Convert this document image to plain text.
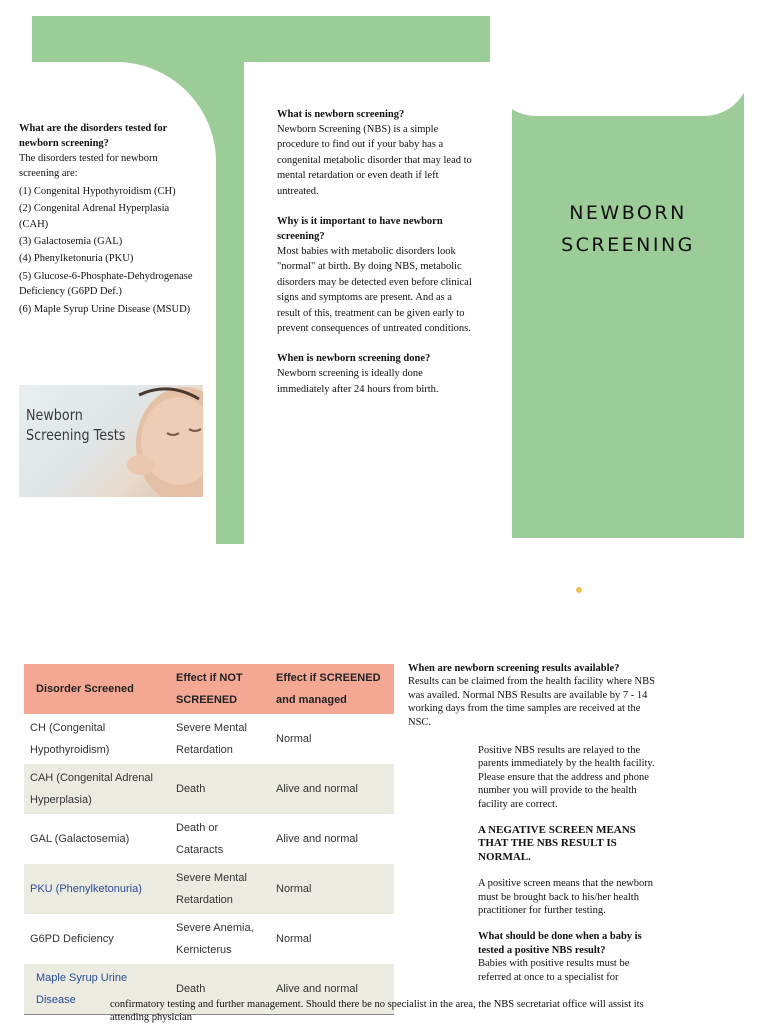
NEWBORN
SCREENING
What are the disorders tested for newborn screening?
The disorders tested for newborn screening are:
(1) Congenital Hypothyroidism (CH)
(2) Congenital Adrenal Hyperplasia (CAH)
(3) Galactosemia (GAL)
(4) Phenylketonuria (PKU)
(5) Glucose-6-Phosphate-Dehydrogenase Deficiency (G6PD Def.)
(6) Maple Syrup Urine Disease (MSUD)
Newborn
Screening Tests
What is newborn screening?
Newborn Screening (NBS) is a simple procedure to find out if your baby has a congenital metabolic disorder that may lead to mental retardation or even death if left untreated.
Why is it important to have newborn screening?
Most babies with metabolic disorders look "normal" at birth. By doing NBS, metabolic disorders may be detected even before clinical signs and symptoms are present. And as a result of this, treatment can be given early to prevent consequences of untreated conditions.
When is newborn screening done?
Newborn screening is ideally done immediately after 24 hours from birth.
Disorder Screened	Effect if NOT SCREENED	Effect if SCREENED and managed
CH (Congenital Hypothyroidism)	Severe Mental Retardation	Normal
CAH (Congenital Adrenal Hyperplasia)	Death	Alive and normal
GAL (Galactosemia)	Death or Cataracts	Alive and normal
PKU (Phenylketonuria)	Severe Mental Retardation	Normal
G6PD Deficiency	Severe Anemia, Kernicterus	Normal
Maple Syrup Urine Disease	Death	Alive and normal
When are newborn screening results available?
Results can be claimed from the health facility where NBS was availed. Normal NBS Results are available by 7 - 14 working days from the time samples are received at the NSC.
Positive NBS results are relayed to the parents immediately by the health facility. Please ensure that the address and phone number you will provide to the health facility are correct.
A NEGATIVE SCREEN MEANS THAT THE NBS RESULT IS NORMAL.
A positive screen means that the newborn must be brought back to his/her health practitioner for further testing.
What should be done when a baby is tested a positive NBS result?
Babies with positive results must be referred at once to a specialist for
confirmatory testing and further management. Should there be no specialist in the area, the NBS secretariat office will assist its attending physician
